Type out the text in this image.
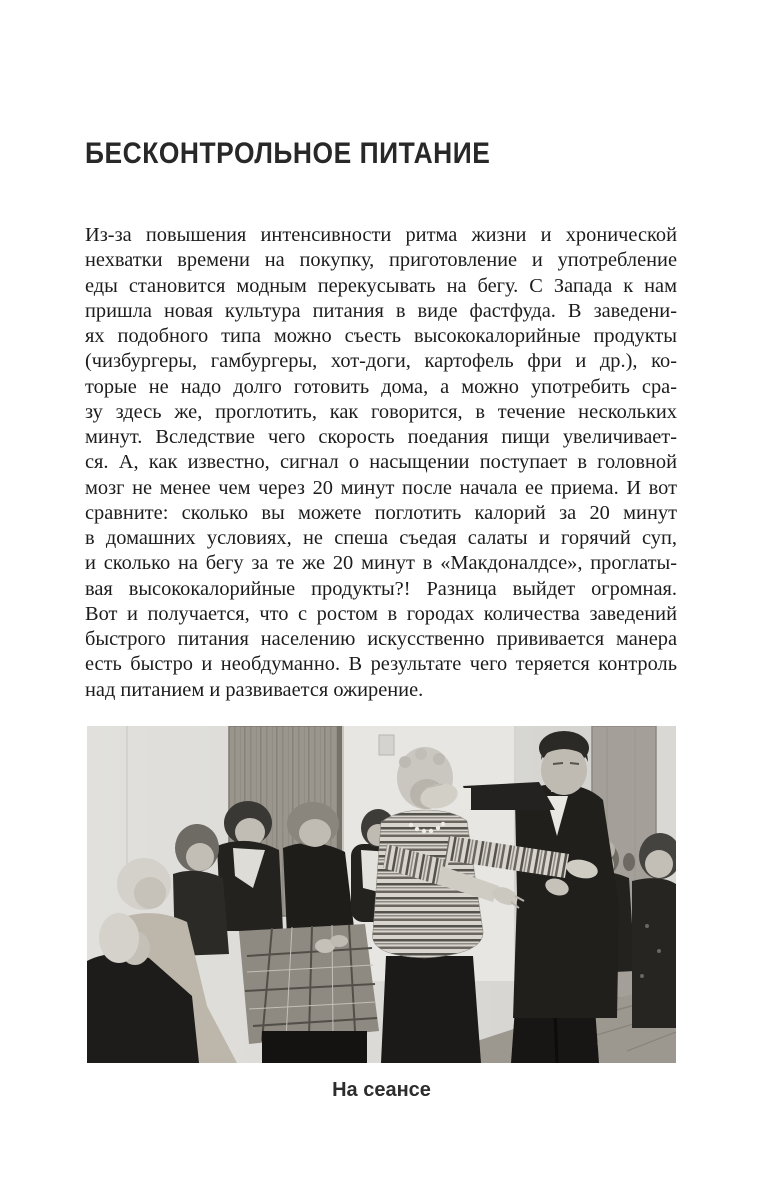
БЕСКОНТРОЛЬНОЕ ПИТАНИЕ
Из-за повышения интенсивности ритма жизни и хронической
нехватки времени на покупку, приготовление и употребление
еды становится модным перекусывать на бегу. С Запада к нам
пришла новая культура питания в виде фастфуда. В заведени-
ях подобного типа можно съесть высококалорийные продукты
(чизбургеры, гамбургеры, хот-доги, картофель фри и др.), ко-
торые не надо долго готовить дома, а можно употребить сра-
зу здесь же, проглотить, как говорится, в течение нескольких
минут. Вследствие чего скорость поедания пищи увеличивает-
ся. А, как известно, сигнал о насыщении поступает в головной
мозг не менее чем через 20 минут после начала ее приема. И вот
сравните: сколько вы можете поглотить калорий за 20 минут
в домашних условиях, не спеша съедая салаты и горячий суп,
и сколько на бегу за те же 20 минут в «Макдоналдсе», проглаты-
вая высококалорийные продукты?! Разница выйдет огромная.
Вот и получается, что с ростом в городах количества заведений
быстрого питания населению искусственно прививается манера
есть быстро и необдуманно. В результате чего теряется контроль
над питанием и развивается ожирение.
На сеансе
